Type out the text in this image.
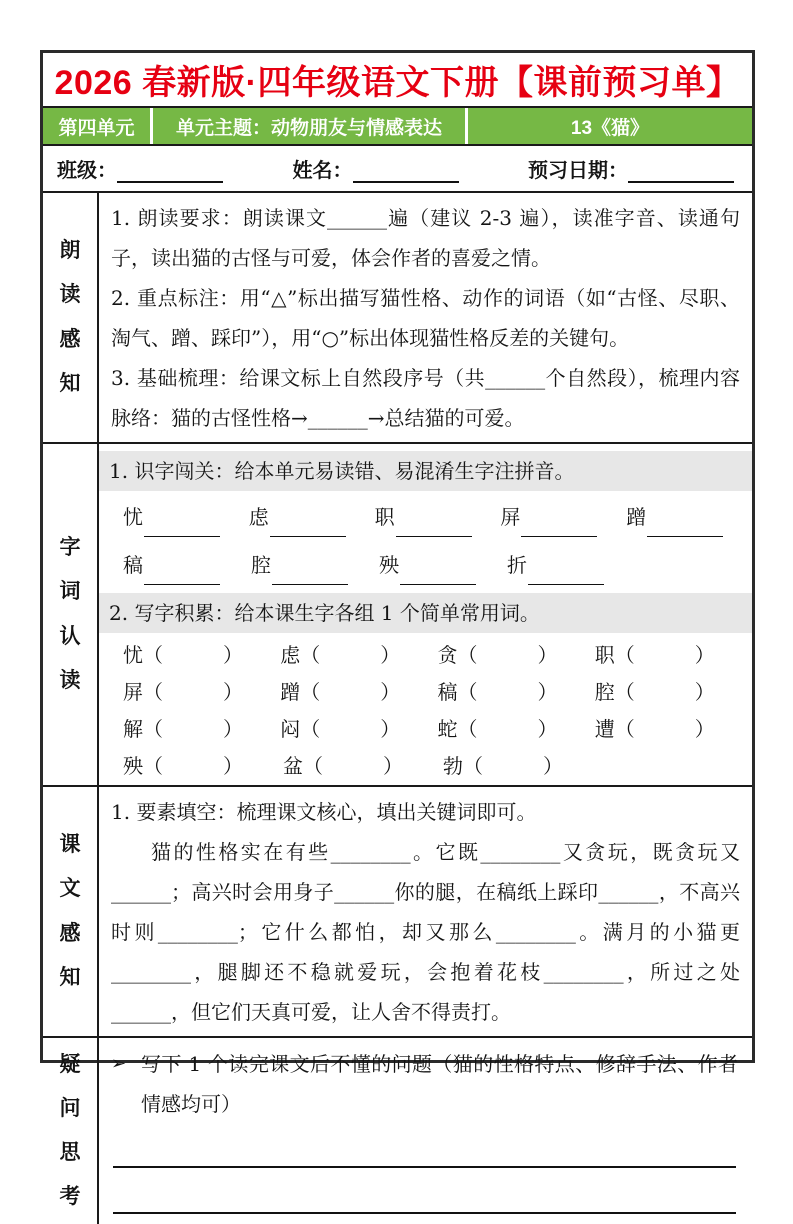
2026 春新版·四年级语文下册【课前预习单】
第四单元	单元主题：动物朋友与情感表达	13《猫》
班级：	姓名：	预习日期：
朗读感知

1. 朗读要求：朗读课文______遍（建议 2-3 遍），读准字音、读通句子，读出猫的古怪与可爱，体会作者的喜爱之情。

2. 重点标注：用“△”标出描写猫性格、动作的词语（如“古怪、尽职、淘气、蹭、踩印”），用“○”标出体现猫性格反差的关键句。

3. 基础梳理：给课文标上自然段序号（共______个自然段），梳理内容脉络：猫的古怪性格→______→总结猫的可爱。

字词认读
1. 识字闯关：给本单元易读错、易混淆生字注拼音。
忧	虑	职	屏	蹭
稿	腔	殃	折
2. 写字积累：给本课生字各组 1 个简单常用词。
忧 （	） 虑 （	） 贪 （	） 职 （	）
屏 （	） 蹭 （	） 稿 （	） 腔 （	）
解 （	） 闷 （	） 蛇 （	） 遭 （	）
殃 （	） 盆 （	） 勃 （	）
课文感知

1. 要素填空：梳理课文核心，填出关键词即可。

猫的性格实在有些________。它既________又贪玩，既贪玩又______；高兴时会用身子______你的腿，在稿纸上踩印______，不高兴时则________；它什么都怕，却又那么________。满月的小猫更________，腿脚还不稳就爱玩，会抱着花枝________，所过之处______，但它们天真可爱，让人舍不得责打。

疑问思考
➢ 写下 1 个读完课文后不懂的问题（猫的性格特点、修辞手法、作者情感均可）
